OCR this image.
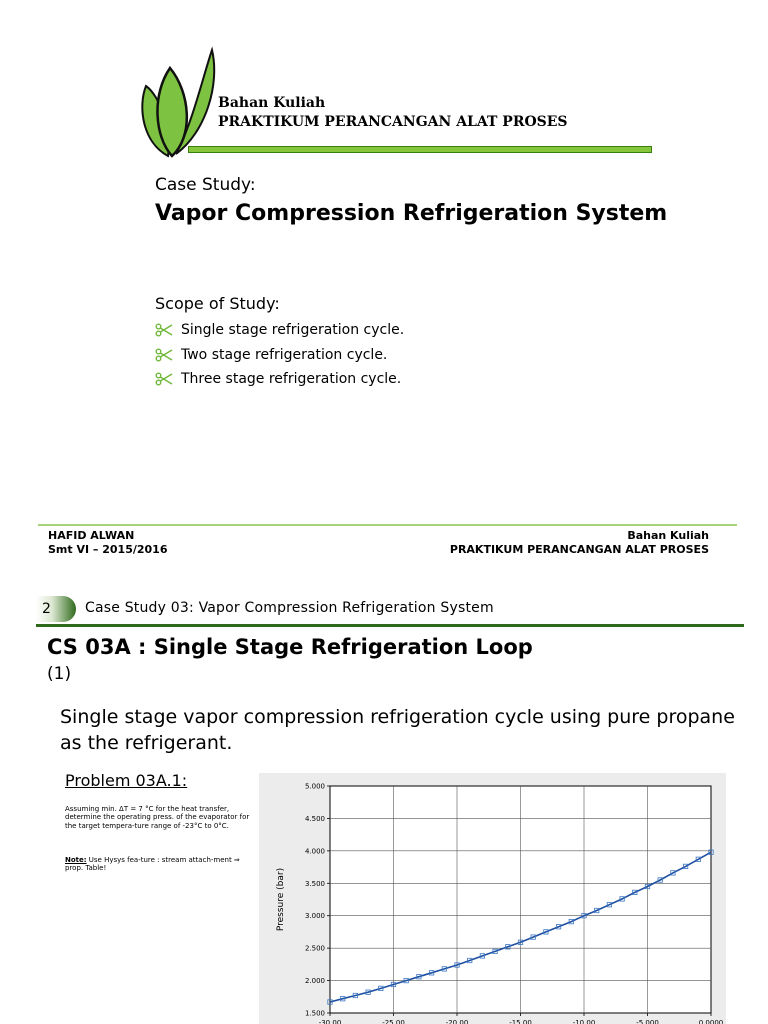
Bahan Kuliah
PRAKTIKUM PERANCANGAN ALAT PROSES
Case Study:
Vapor Compression Refrigeration System
Scope of Study:
Single stage refrigeration cycle.
Two stage refrigeration cycle.
Three stage refrigeration cycle.
HAFID ALWAN
Smt VI – 2015/2016
Bahan Kuliah
PRAKTIKUM PERANCANGAN ALAT PROSES
2 Case Study 03: Vapor Compression Refrigeration System
CS 03A : Single Stage Refrigeration Loop
(1)
Single stage vapor compression refrigeration cycle using pure propane as the refrigerant.
Problem 03A.1:
Assuming min. ΔT = 7 °C for the heat transfer, determine the operating press. of the evaporator for the target tempera-ture range of -23°C to 0°C.
Note: Use Hysys fea-ture : stream attach-ment ⇒ prop. Table!
-30.00	-25.00	-20.00	-15.00	-10.00	-5.000	0.0000
1.500
2.000
2.500
3.000
3.500
4.000
4.500
5.000
Pressure (bar)
